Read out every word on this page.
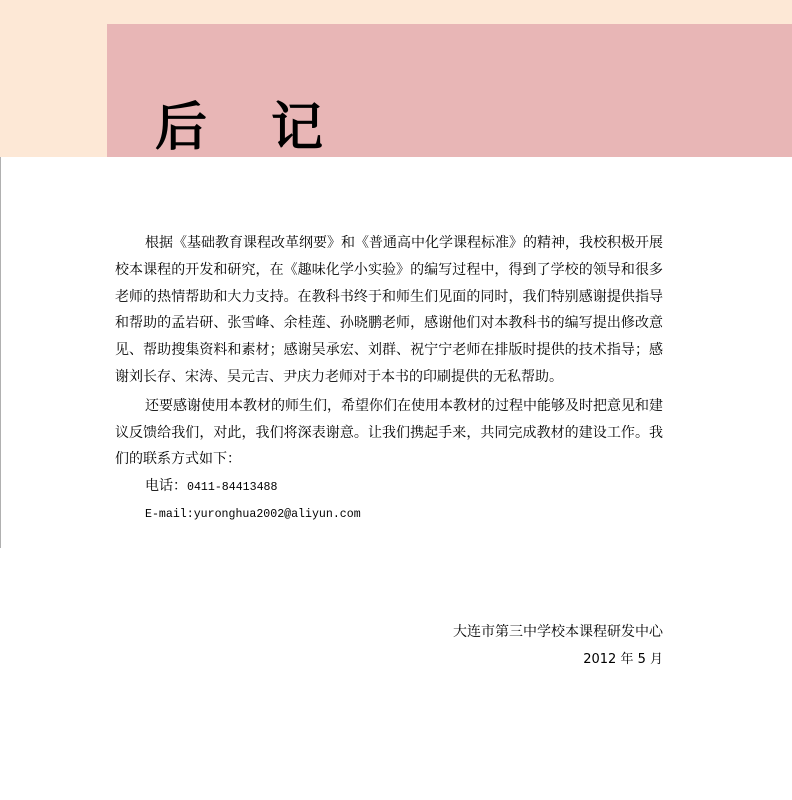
后　记
根据《基础教育课程改革纲要》和《普通高中化学课程标准》的精神，我校积极开展
校本课程的开发和研究，在《趣味化学小实验》的编写过程中，得到了学校的领导和很多
老师的热情帮助和大力支持。在教科书终于和师生们见面的同时，我们特别感谢提供指导
和帮助的孟岩研、张雪峰、余桂莲、孙晓鹏老师，感谢他们对本教科书的编写提出修改意
见、帮助搜集资料和素材；感谢吴承宏、刘群、祝宁宁老师在排版时提供的技术指导；感
谢刘长存、宋涛、吴元吉、尹庆力老师对于本书的印刷提供的无私帮助。
还要感谢使用本教材的师生们，希望你们在使用本教材的过程中能够及时把意见和建
议反馈给我们，对此，我们将深表谢意。让我们携起手来，共同完成教材的建设工作。我
们的联系方式如下：
电话：0411-84413488
E-mail:yuronghua2002@aliyun.com
大连市第三中学校本课程研发中心
2012 年 5 月
